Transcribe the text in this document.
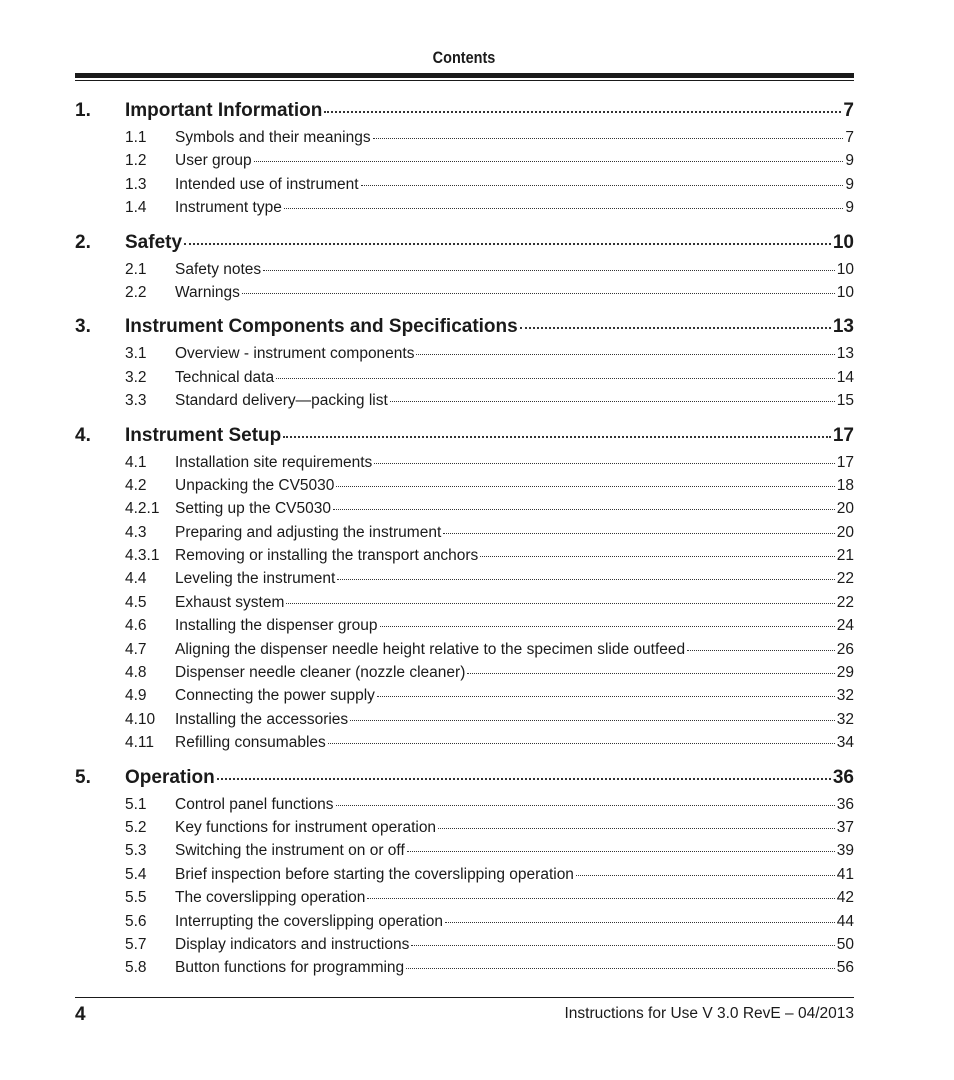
Contents
1.	Important Information	7
1.1	Symbols and their meanings	7
1.2	User group	9
1.3	Intended use of instrument	9
1.4	Instrument type	9
2.	Safety	10
2.1	Safety notes	10
2.2	Warnings	10
3.	Instrument Components and Specifications	13
3.1	Overview - instrument components	13
3.2	Technical data	14
3.3	Standard delivery—packing list	15
4.	Instrument Setup	17
4.1	Installation site requirements	17
4.2	Unpacking the CV5030	18
4.2.1	Setting up the CV5030	20
4.3	Preparing and adjusting the instrument	20
4.3.1	Removing or installing the transport anchors	21
4.4	Leveling the instrument	22
4.5	Exhaust system	22
4.6	Installing the dispenser group	24
4.7	Aligning the dispenser needle height relative to the specimen slide outfeed	26
4.8	Dispenser needle cleaner (nozzle cleaner)	29
4.9	Connecting the power supply	32
4.10	Installing the accessories	32
4.11	Refilling consumables	34
5.	Operation	36
5.1	Control panel functions	36
5.2	Key functions for instrument operation	37
5.3	Switching the instrument on or off	39
5.4	Brief inspection before starting the coverslipping operation	41
5.5	The coverslipping operation	42
5.6	Interrupting the coverslipping operation	44
5.7	Display indicators and instructions	50
5.8	Button functions for programming	56
4	Instructions for Use V 3.0 RevE – 04/2013
